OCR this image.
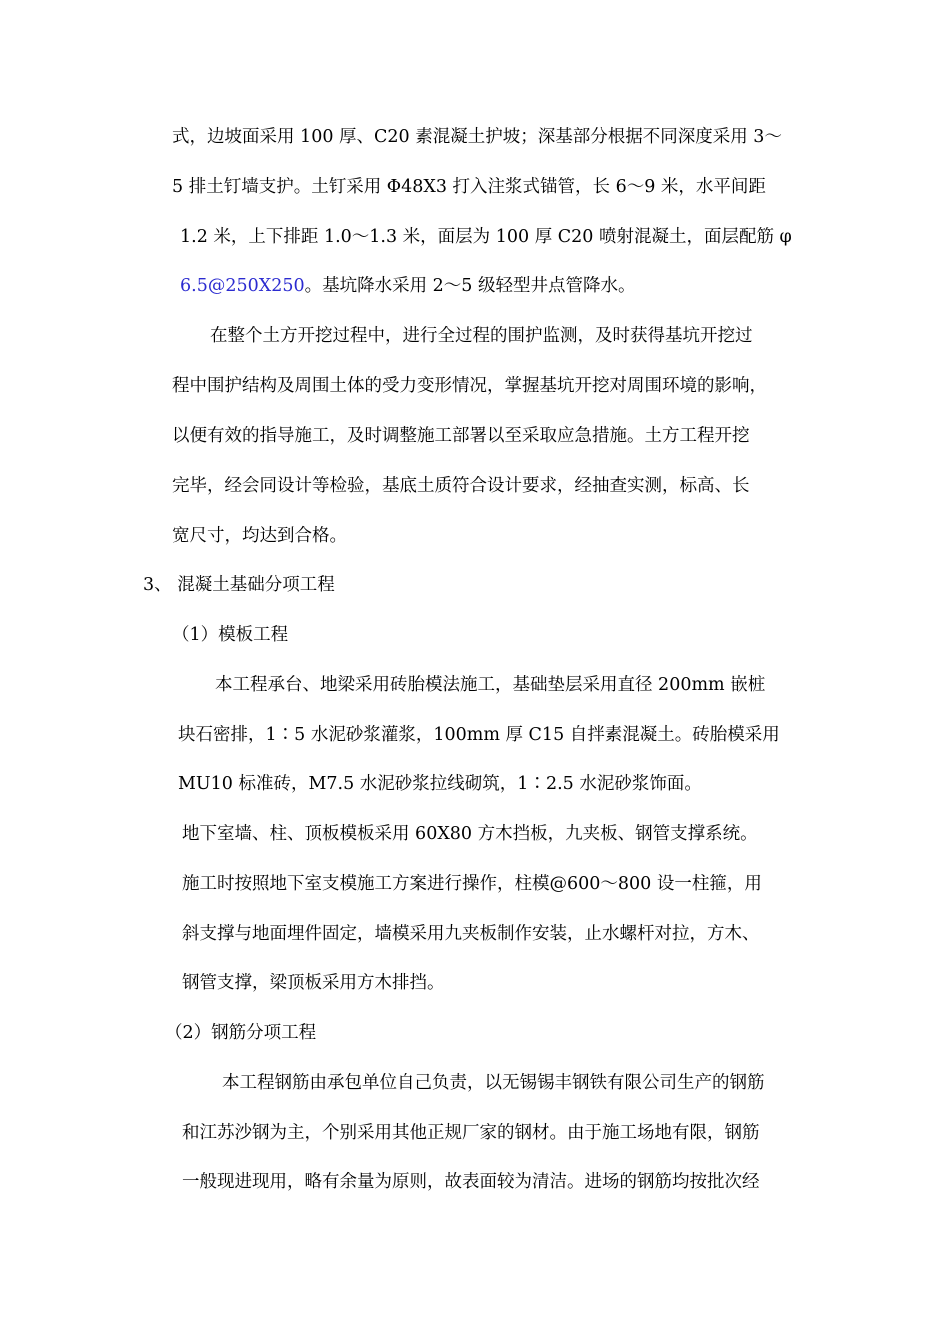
式，边坡面采用 100 厚、C20 素混凝土护坡；深基部分根据不同深度采用 3～
5 排土钉墙支护。土钉采用 Φ48Ⅹ3 打入注浆式锚管，长 6～9 米，水平间距
1.2 米，上下排距 1.0～1.3 米，面层为 100 厚 C20 喷射混凝土，面层配筋 φ
6.5@250Ⅹ250。基坑降水采用 2～5 级轻型井点管降水。
在整个土方开挖过程中，进行全过程的围护监测，及时获得基坑开挖过
程中围护结构及周围土体的受力变形情况，掌握基坑开挖对周围环境的影响，
以便有效的指导施工，及时调整施工部署以至采取应急措施。土方工程开挖
完毕，经会同设计等检验，基底土质符合设计要求，经抽查实测，标高、长
宽尺寸，均达到合格。
3、 混凝土基础分项工程
（1）模板工程
本工程承台、地梁采用砖胎模法施工，基础垫层采用直径 200mm 嵌桩
块石密排，1∶5 水泥砂浆灌浆，100mm 厚 C15 自拌素混凝土。砖胎模采用
MU10 标准砖，M7.5 水泥砂浆拉线砌筑，1∶2.5 水泥砂浆饰面。
地下室墙、柱、顶板模板采用 60Ⅹ80 方木挡板，九夹板、钢管支撑系统。
施工时按照地下室支模施工方案进行操作，柱模@600～800 设一柱箍，用
斜支撑与地面埋件固定，墙模采用九夹板制作安装，止水螺杆对拉，方木、
钢管支撑，梁顶板采用方木排挡。
（2）钢筋分项工程
本工程钢筋由承包单位自己负责，以无锡锡丰钢铁有限公司生产的钢筋
和江苏沙钢为主，个别采用其他正规厂家的钢材。由于施工场地有限，钢筋
一般现进现用，略有余量为原则，故表面较为清洁。进场的钢筋均按批次经
